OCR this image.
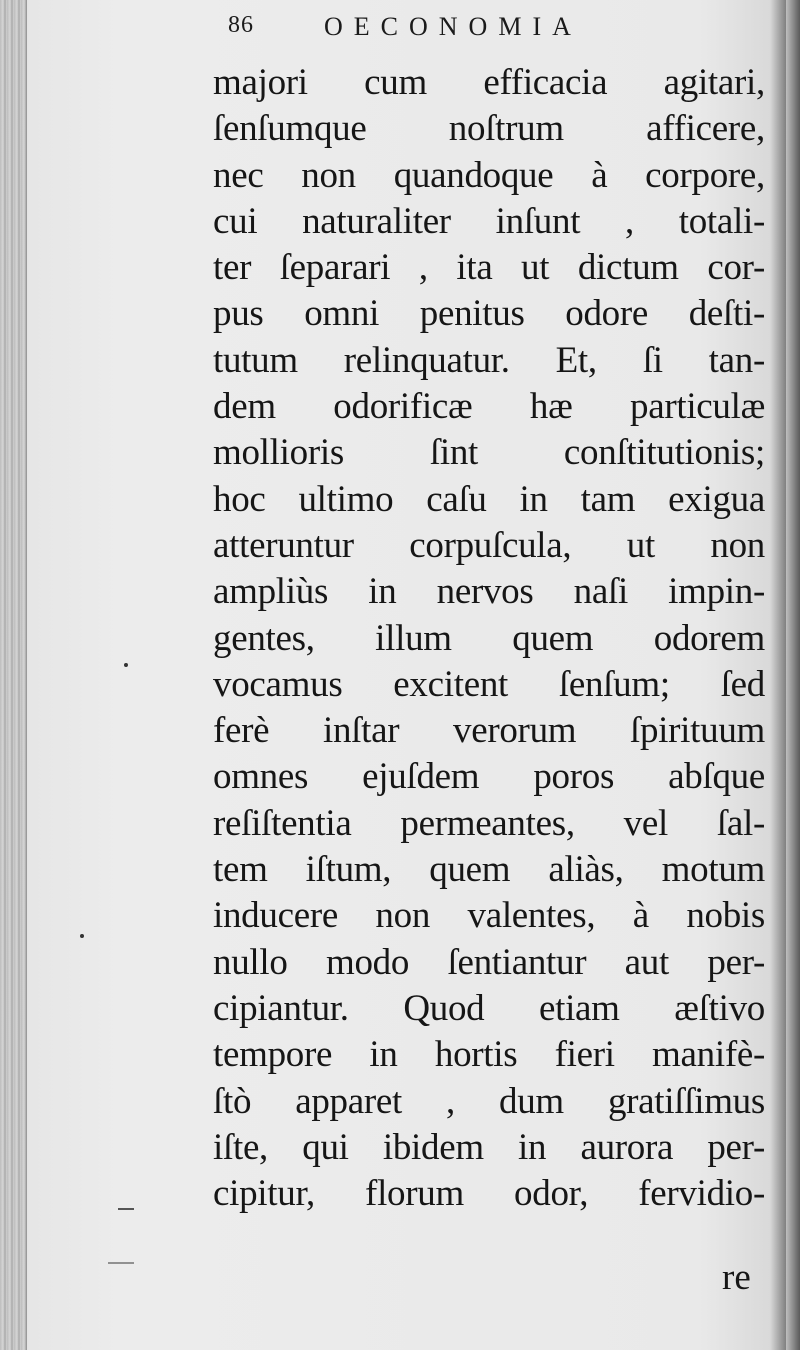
86	OECONOMIA
majori cum efficacia agitari,
ſenſumque noſtrum afficere,
nec non quandoque à corpore,
cui naturaliter inſunt , totali-
ter ſeparari , ita ut dictum cor-
pus omni penitus odore deſti-
tutum relinquatur. Et, ſi tan-
dem odorificæ hæ particulæ
mollioris ſint conſtitutionis;
hoc ultimo caſu in tam exigua
atteruntur corpuſcula, ut non
ampliùs in nervos naſi impin-
gentes, illum quem odorem
vocamus excitent ſenſum; ſed
ferè inſtar verorum ſpirituum
omnes ejuſdem poros abſque
reſiſtentia permeantes, vel ſal-
tem iſtum, quem aliàs, motum
inducere non valentes, à nobis
nullo modo ſentiantur aut per-
cipiantur. Quod etiam æſtivo
tempore in hortis fieri manifè-
ſtò apparet , dum gratiſſimus
iſte, qui ibidem in aurora per-
cipitur, florum odor, fervidio-
re
